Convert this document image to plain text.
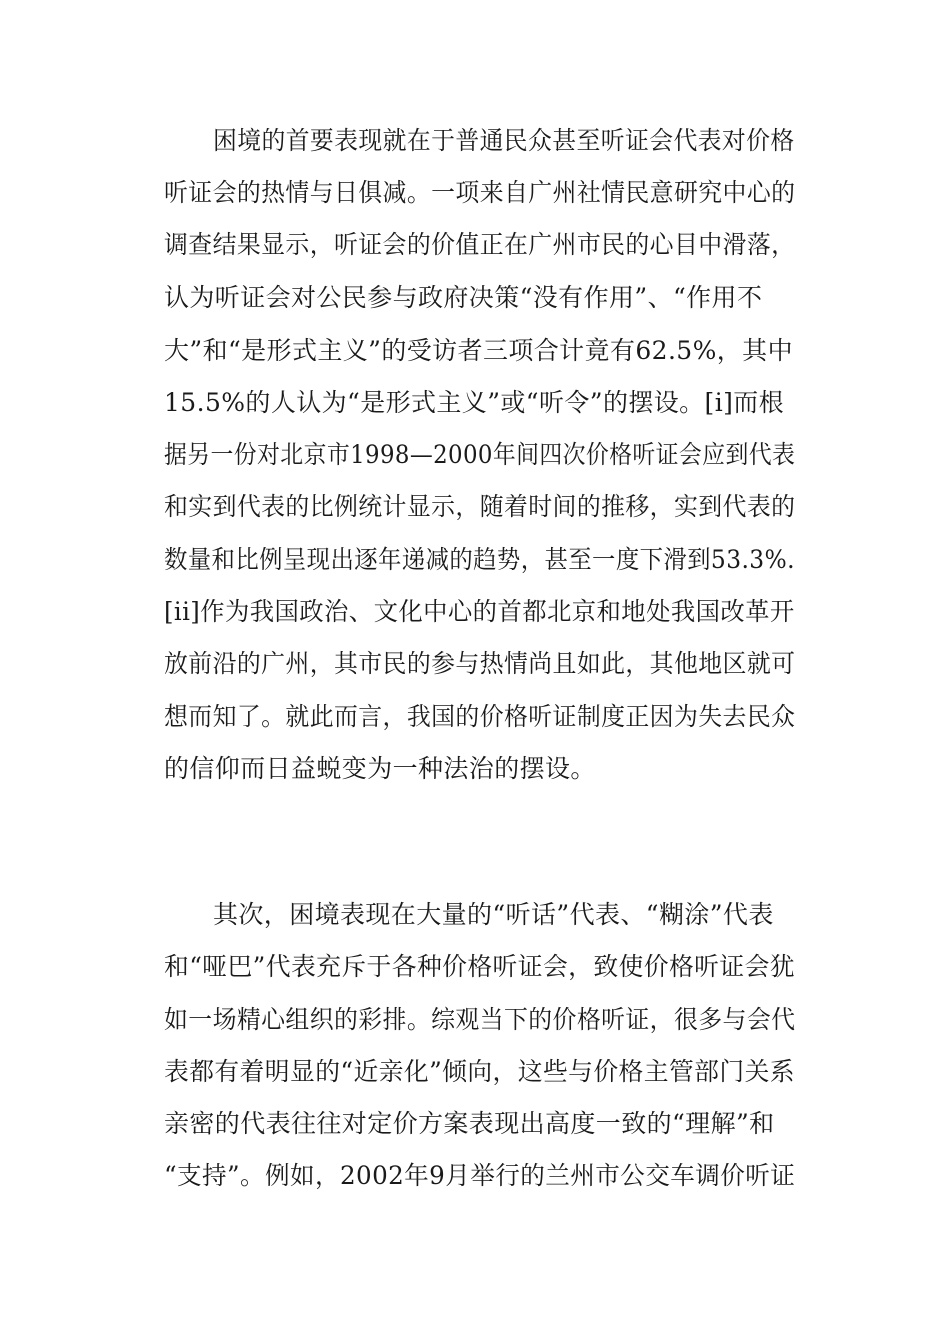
困境的首要表现就在于普通民众甚至听证会代表对价格
听证会的热情与日俱减。一项来自广州社情民意研究中心的
调查结果显示，听证会的价值正在广州市民的心目中滑落，
认为听证会对公民参与政府决策“没有作用”、“作用不
大”和“是形式主义”的受访者三项合计竟有62.5%，其中
15.5%的人认为“是形式主义”或“听令”的摆设。[i]而根
据另一份对北京市1998—2000年间四次价格听证会应到代表
和实到代表的比例统计显示，随着时间的推移，实到代表的
数量和比例呈现出逐年递减的趋势，甚至一度下滑到53.3%.
[ii]作为我国政治、文化中心的首都北京和地处我国改革开
放前沿的广州，其市民的参与热情尚且如此，其他地区就可
想而知了。就此而言，我国的价格听证制度正因为失去民众
的信仰而日益蜕变为一种法治的摆设。
其次，困境表现在大量的“听话”代表、“糊涂”代表
和“哑巴”代表充斥于各种价格听证会，致使价格听证会犹
如一场精心组织的彩排。综观当下的价格听证，很多与会代
表都有着明显的“近亲化”倾向，这些与价格主管部门关系
亲密的代表往往对定价方案表现出高度一致的“理解”和
“支持”。例如，2002年9月举行的兰州市公交车调价听证
